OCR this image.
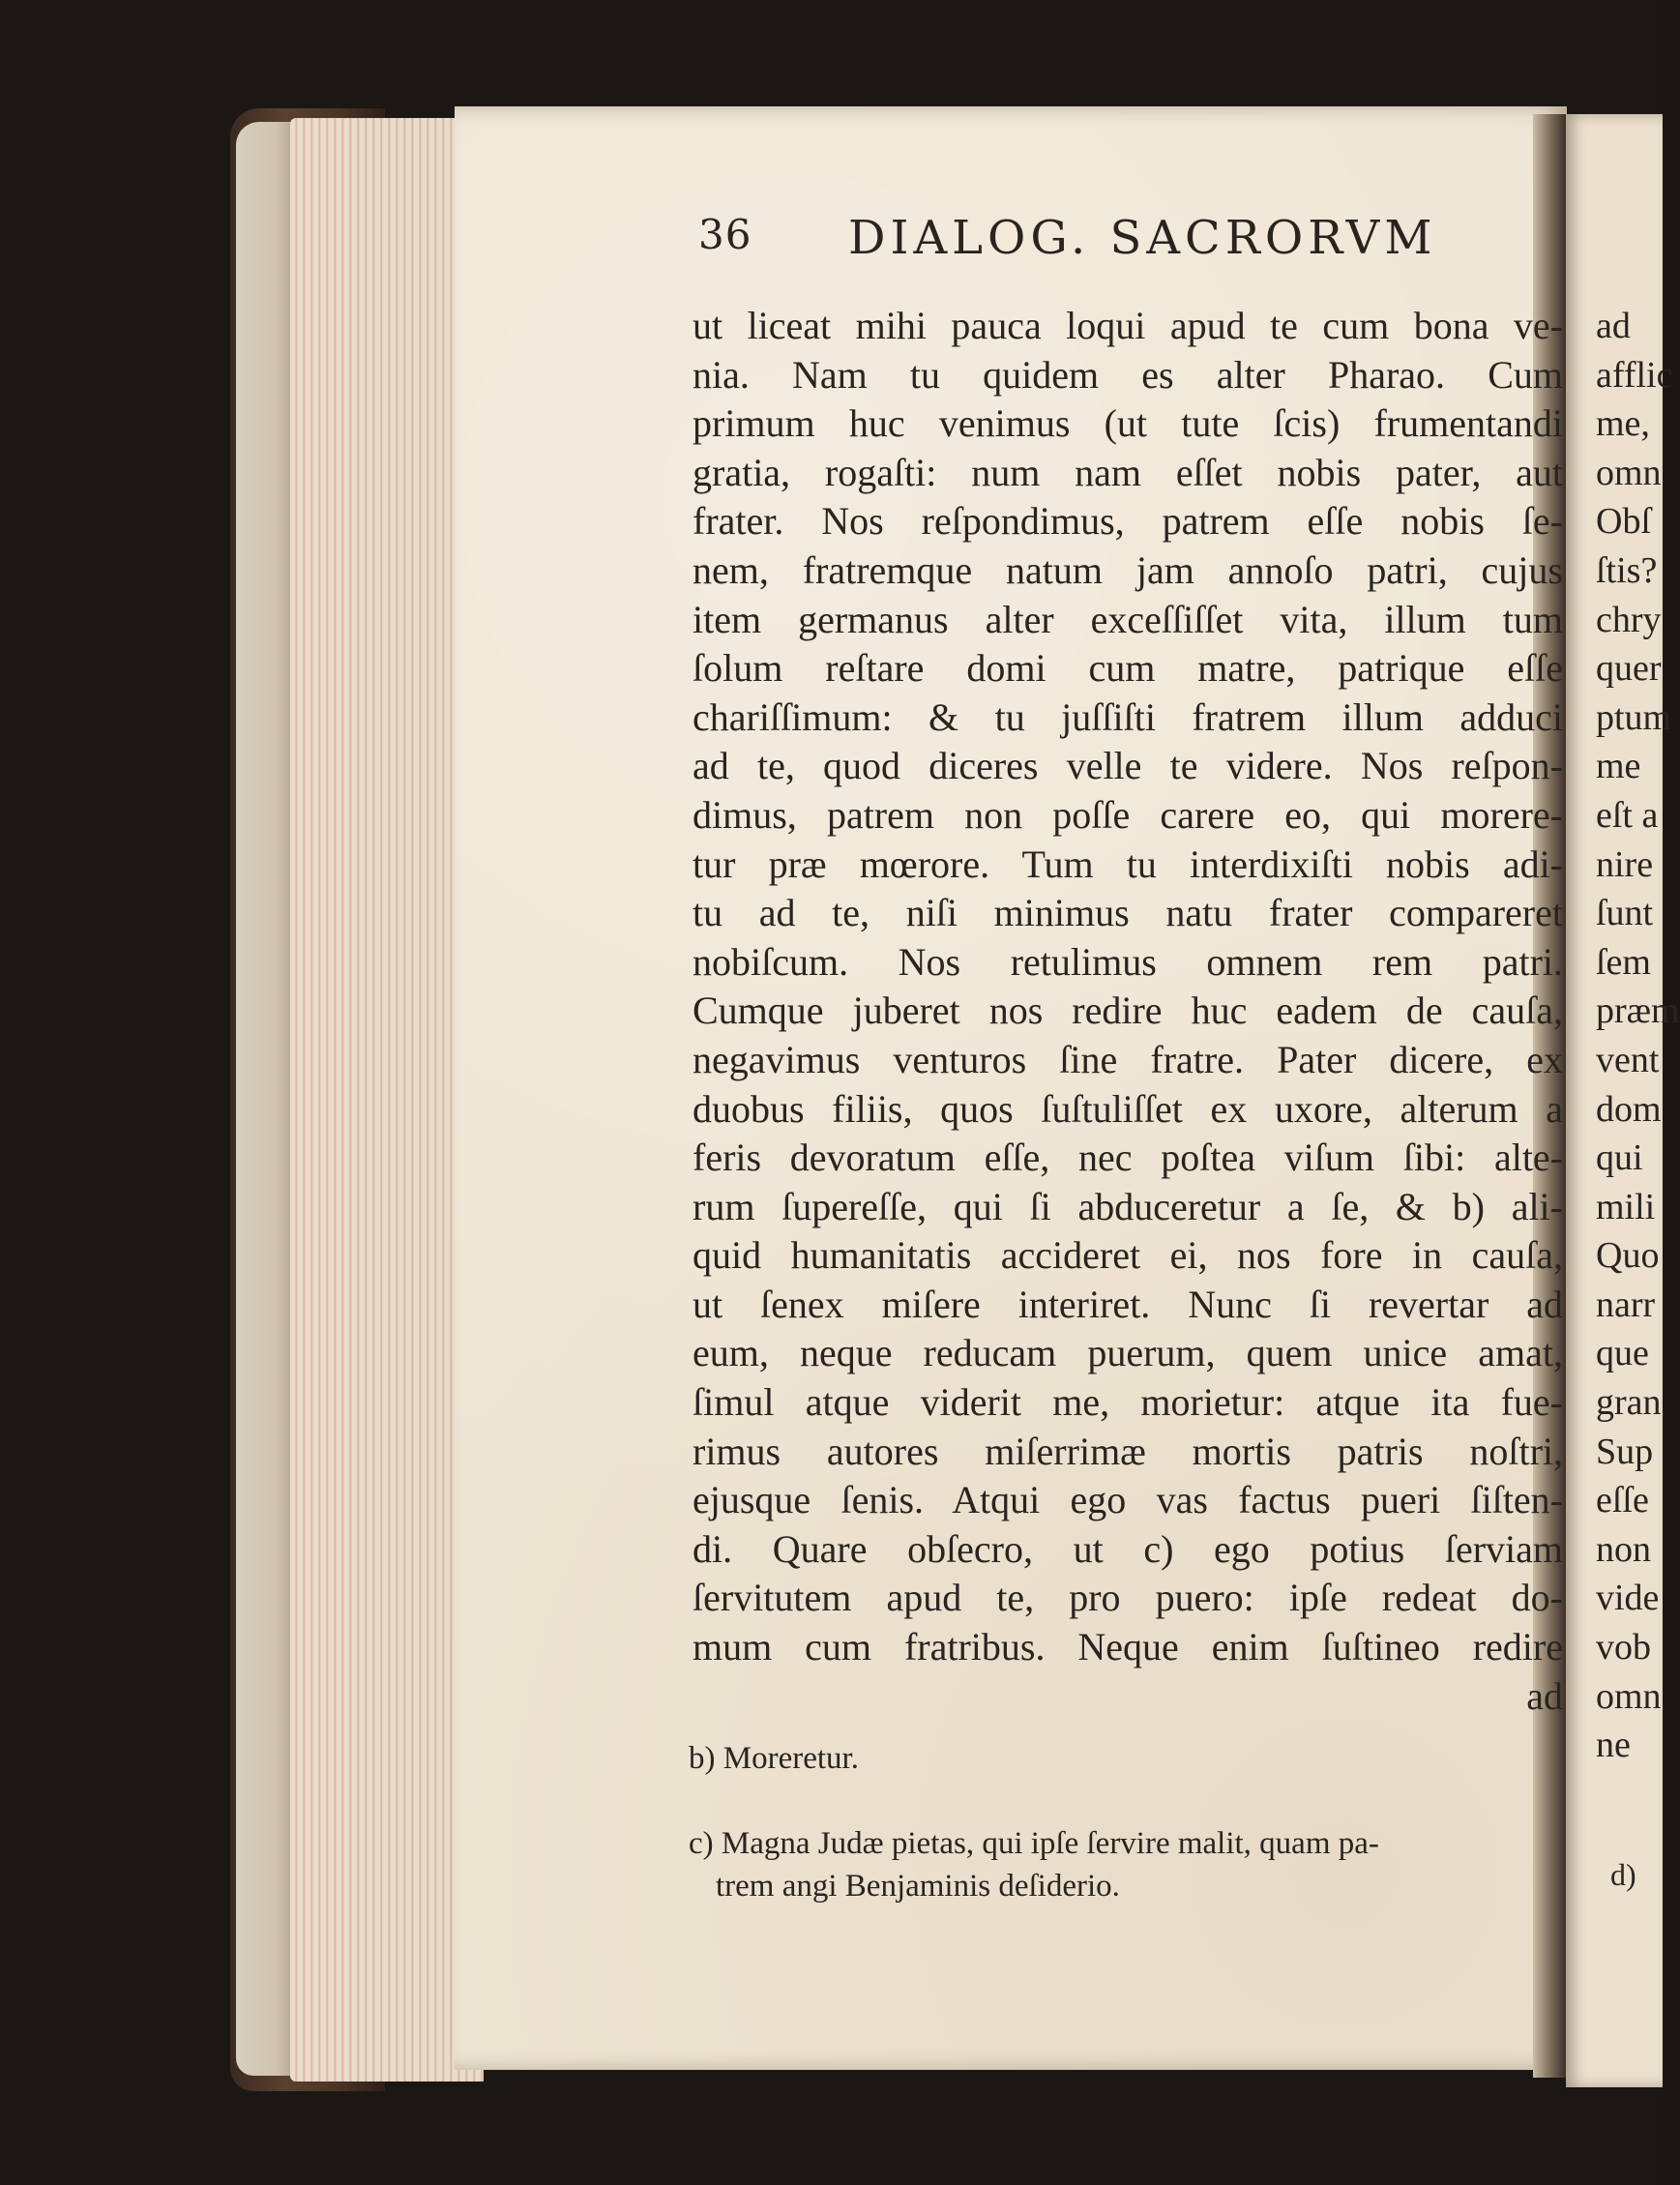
36 DIALOG. SACRORVM
ut liceat mihi pauca loqui apud te cum bona ve-
nia. Nam tu quidem es alter Pharao. Cum
primum huc venimus (ut tute ſcis) frumentandi
gratia, rogaſti: num nam eſſet nobis pater, aut
frater. Nos reſpondimus, patrem eſſe nobis ſe-
nem, fratremque natum jam annoſo patri, cujus
item germanus alter exceſſiſſet vita, illum tum
ſolum reſtare domi cum matre, patrique eſſe
chariſſimum: & tu juſſiſti fratrem illum adduci
ad te, quod diceres velle te videre. Nos reſpon-
dimus, patrem non poſſe carere eo, qui morere-
tur præ mœrore. Tum tu interdixiſti nobis adi-
tu ad te, niſi minimus natu frater compareret
nobiſcum. Nos retulimus omnem rem patri.
Cumque juberet nos redire huc eadem de cauſa,
negavimus venturos ſine fratre. Pater dicere, ex
duobus filiis, quos ſuſtuliſſet ex uxore, alterum a
feris devoratum eſſe, nec poſtea viſum ſibi: alte-
rum ſupereſſe, qui ſi abduceretur a ſe, & b) ali-
quid humanitatis accideret ei, nos fore in cauſa,
ut ſenex miſere interiret. Nunc ſi revertar ad
eum, neque reducam puerum, quem unice amat,
ſimul atque viderit me, morietur: atque ita fue-
rimus autores miſerrimæ mortis patris noſtri,
ejusque ſenis. Atqui ego vas factus pueri ſiſten-
di. Quare obſecro, ut c) ego potius ſerviam
ſervitutem apud te, pro puero: ipſe redeat do-
mum cum fratribus. Neque enim ſuſtineo redire
ad
b) Moreretur.
c) Magna Judæ pietas, qui ipſe ſervire malit, quam pa-
trem angi Benjaminis deſiderio.
ad
afflic
me,
omn
Obſ
ſtis?
chry
quer
ptum
me
eſt a
nire
ſunt
ſem
præm
vent
dom
qui
mili
Quo
narr
que
gran
Sup
eſſe
non
vide
vob
omn
ne
d)
